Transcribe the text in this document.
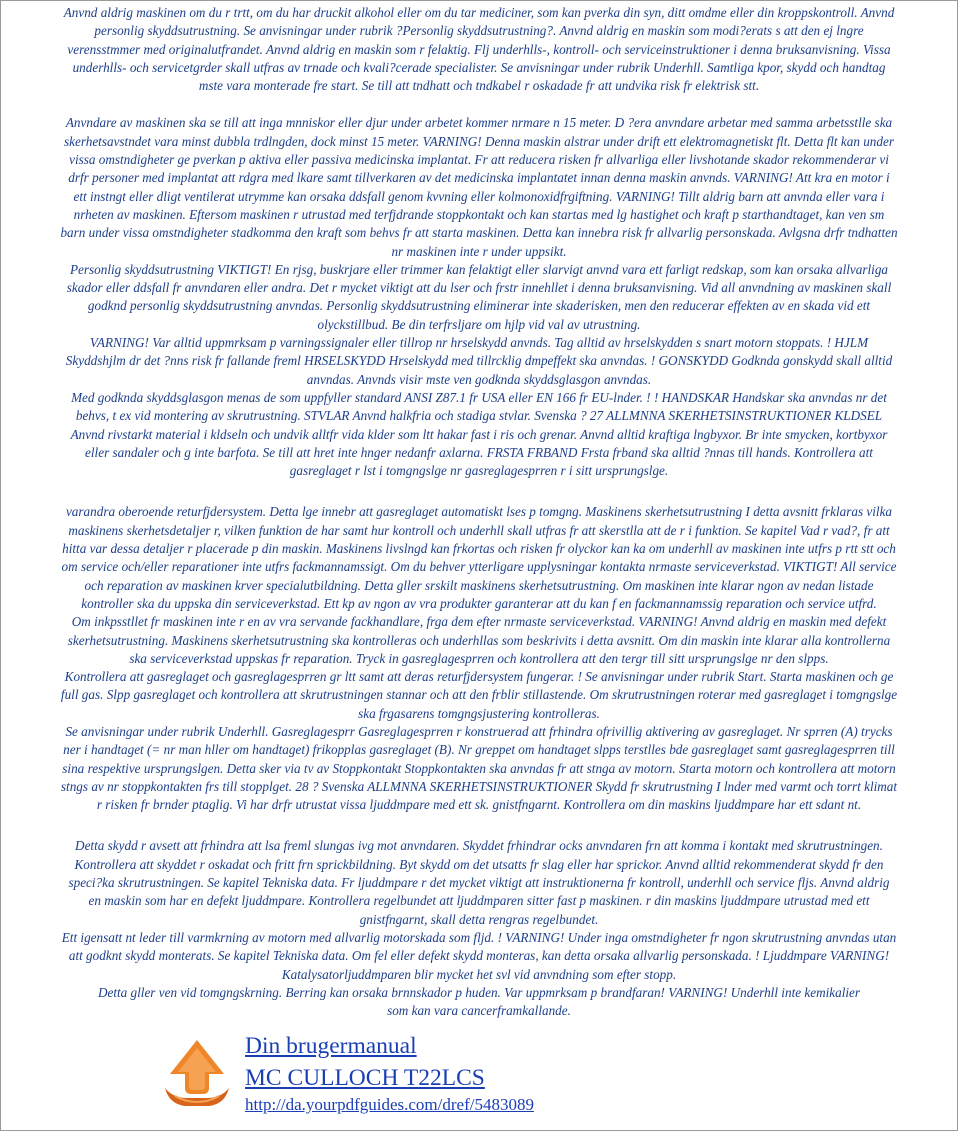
Anvnd aldrig maskinen om du r trtt, om du har druckit alkohol eller om du tar mediciner, som kan pverka din syn, ditt omdme eller din kroppskontroll. Anvnd

personlig skyddsutrustning. Se anvisningar under rubrik ?Personlig skyddsutrustning?. Anvnd aldrig en maskin som modi?erats s att den ej lngre

verensstmmer med originalutfrandet. Anvnd aldrig en maskin som r felaktig. Flj underhlls-, kontroll- och serviceinstruktioner i denna bruksanvisning. Vissa

underhlls- och servicetgrder skall utfras av trnade och kvali?cerade specialister. Se anvisningar under rubrik Underhll. Samtliga kpor, skydd och handtag

mste vara monterade fre start. Se till att tndhatt och tndkabel r oskadade fr att undvika risk fr elektrisk stt.

Anvndare av maskinen ska se till att inga mnniskor eller djur under arbetet kommer nrmare n 15 meter. D ?era anvndare arbetar med samma arbetsstlle ska

skerhetsavstndet vara minst dubbla trdlngden, dock minst 15 meter. VARNING! Denna maskin alstrar under drift ett elektromagnetiskt flt. Detta flt kan under

vissa omstndigheter ge pverkan p aktiva eller passiva medicinska implantat. Fr att reducera risken fr allvarliga eller livshotande skador rekommenderar vi

drfr personer med implantat att rdgra med lkare samt tillverkaren av det medicinska implantatet innan denna maskin anvnds. VARNING! Att kra en motor i

ett instngt eller dligt ventilerat utrymme kan orsaka ddsfall genom kvvning eller kolmonoxidfrgiftning. VARNING! Tillt aldrig barn att anvnda eller vara i

nrheten av maskinen. Eftersom maskinen r utrustad med terfjdrande stoppkontakt och kan startas med lg hastighet och kraft p starthandtaget, kan ven sm

barn under vissa omstndigheter stadkomma den kraft som behvs fr att starta maskinen. Detta kan innebra risk fr allvarlig personskada. Avlgsna drfr tndhatten

nr maskinen inte r under uppsikt.

Personlig skyddsutrustning VIKTIGT! En rjsg, buskrjare eller trimmer kan felaktigt eller slarvigt anvnd vara ett farligt redskap, som kan orsaka allvarliga

skador eller ddsfall fr anvndaren eller andra. Det r mycket viktigt att du lser och frstr innehllet i denna bruksanvisning. Vid all anvndning av maskinen skall

godknd personlig skyddsutrustning anvndas. Personlig skyddsutrustning eliminerar inte skaderisken, men den reducerar effekten av en skada vid ett

olyckstillbud. Be din terfrsljare om hjlp vid val av utrustning.

VARNING! Var alltid uppmrksam p varningssignaler eller tillrop nr hrselskydd anvnds. Tag alltid av hrselskydden s snart motorn stoppats. ! HJLM

Skyddshjlm dr det ?nns risk fr fallande freml HRSELSKYDD Hrselskydd med tillrcklig dmpeffekt ska anvndas. ! GONSKYDD Godknda gonskydd skall alltid

anvndas. Anvnds visir mste ven godknda skyddsglasgon anvndas.

Med godknda skyddsglasgon menas de som uppfyller standard ANSI Z87.1 fr USA eller EN 166 fr EU-lnder. ! ! HANDSKAR Handskar ska anvndas nr det

behvs, t ex vid montering av skrutrustning. STVLAR Anvnd halkfria och stadiga stvlar. Svenska ? 27 ALLMNNA SKERHETSINSTRUKTIONER KLDSEL

Anvnd rivstarkt material i kldseln och undvik alltfr vida klder som ltt hakar fast i ris och grenar. Anvnd alltid kraftiga lngbyxor. Br inte smycken, kortbyxor

eller sandaler och g inte barfota. Se till att hret inte hnger nedanfr axlarna. FRSTA FRBAND Frsta frband ska alltid ?nnas till hands. Kontrollera att

gasreglaget r lst i tomgngslge nr gasreglagesprren r i sitt ursprungslge.

varandra oberoende returfjdersystem. Detta lge innebr att gasreglaget automatiskt lses p tomgng. Maskinens skerhetsutrustning I detta avsnitt frklaras vilka

maskinens skerhetsdetaljer r, vilken funktion de har samt hur kontroll och underhll skall utfras fr att skerstlla att de r i funktion. Se kapitel Vad r vad?, fr att

hitta var dessa detaljer r placerade p din maskin. Maskinens livslngd kan frkortas och risken fr olyckor kan ka om underhll av maskinen inte utfrs p rtt stt och

om service och/eller reparationer inte utfrs fackmannamssigt. Om du behver ytterligare upplysningar kontakta nrmaste serviceverkstad. VIKTIGT! All service

och reparation av maskinen krver specialutbildning. Detta gller srskilt maskinens skerhetsutrustning. Om maskinen inte klarar ngon av nedan listade

kontroller ska du uppska din serviceverkstad. Ett kp av ngon av vra produkter garanterar att du kan f en fackmannamssig reparation och service utfrd.

Om inkpsstllet fr maskinen inte r en av vra servande fackhandlare, frga dem efter nrmaste serviceverkstad. VARNING! Anvnd aldrig en maskin med defekt

skerhetsutrustning. Maskinens skerhetsutrustning ska kontrolleras och underhllas som beskrivits i detta avsnitt. Om din maskin inte klarar alla kontrollerna

ska serviceverkstad uppskas fr reparation. Tryck in gasreglagesprren och kontrollera att den tergr till sitt ursprungslge nr den slpps.

Kontrollera att gasreglaget och gasreglagesprren gr ltt samt att deras returfjdersystem fungerar. ! Se anvisningar under rubrik Start. Starta maskinen och ge

full gas. Slpp gasreglaget och kontrollera att skrutrustningen stannar och att den frblir stillastende. Om skrutrustningen roterar med gasreglaget i tomgngslge

ska frgasarens tomgngsjustering kontrolleras.

Se anvisningar under rubrik Underhll. Gasreglagesprr Gasreglagesprren r konstruerad att frhindra ofrivillig aktivering av gasreglaget. Nr sprren (A) trycks

ner i handtaget (= nr man hller om handtaget) frikopplas gasreglaget (B). Nr greppet om handtaget slpps terstlles bde gasreglaget samt gasreglagesprren till

sina respektive ursprungslgen. Detta sker via tv av Stoppkontakt Stoppkontakten ska anvndas fr att stnga av motorn. Starta motorn och kontrollera att motorn

stngs av nr stoppkontakten frs till stopplget. 28 ? Svenska ALLMNNA SKERHETSINSTRUKTIONER Skydd fr skrutrustning I lnder med varmt och torrt klimat

r risken fr brnder ptaglig. Vi har drfr utrustat vissa ljuddmpare med ett sk. gnistfngarnt. Kontrollera om din maskins ljuddmpare har ett sdant nt.

Detta skydd r avsett att frhindra att lsa freml slungas ivg mot anvndaren. Skyddet frhindrar ocks anvndaren frn att komma i kontakt med skrutrustningen.

Kontrollera att skyddet r oskadat och fritt frn sprickbildning. Byt skydd om det utsatts fr slag eller har sprickor. Anvnd alltid rekommenderat skydd fr den

speci?ka skrutrustningen. Se kapitel Tekniska data. Fr ljuddmpare r det mycket viktigt att instruktionerna fr kontroll, underhll och service fljs. Anvnd aldrig

en maskin som har en defekt ljuddmpare. Kontrollera regelbundet att ljuddmparen sitter fast p maskinen. r din maskins ljuddmpare utrustad med ett

gnistfngarnt, skall detta rengras regelbundet.

Ett igensatt nt leder till varmkrning av motorn med allvarlig motorskada som fljd. ! VARNING! Under inga omstndigheter fr ngon skrutrustning anvndas utan

att godknt skydd monterats. Se kapitel Tekniska data. Om fel eller defekt skydd monteras, kan detta orsaka allvarlig personskada. ! Ljuddmpare VARNING!

Katalysatorljuddmparen blir mycket het svl vid anvndning som efter stopp.

Detta gller ven vid tomgngskrning. Berring kan orsaka brnnskador p huden. Var uppmrksam p brandfaran! VARNING! Underhll inte kemikalier

som kan vara cancerframkallande.

Din brugermanual
MC CULLOCH T22LCS
http://da.yourpdfguides.com/dref/5483089
